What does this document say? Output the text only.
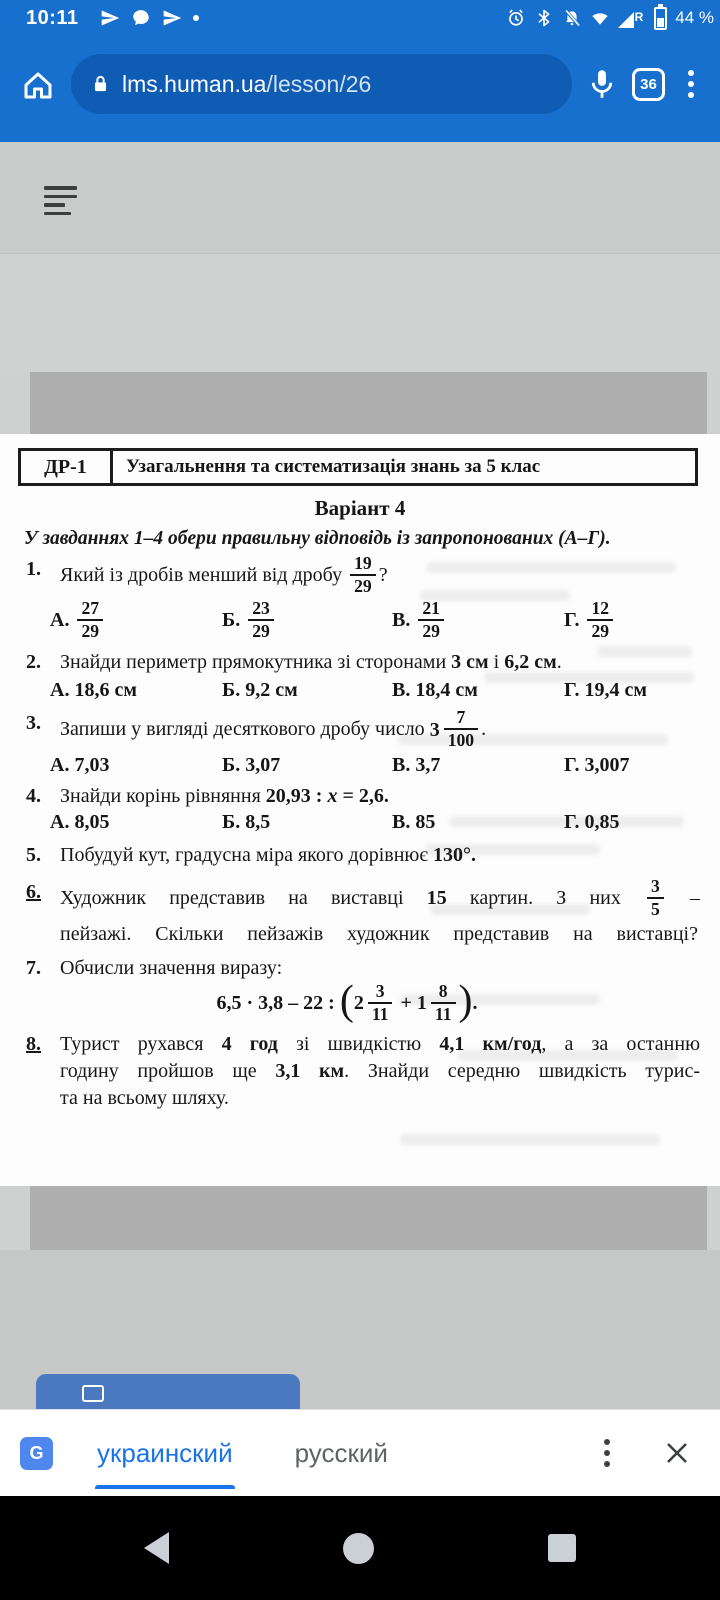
10:11	R 44 %
lms.human.ua /lesson/26	36
ДР-1	Узагальнення та систематизація знань за 5 клас
Варіант 4
У завданнях 1–4 обери правильну відповідь із запропонованих (А–Г).
1. Який із дробів менший від дробу $\frac{19}{29}$ ?
А. $\frac{27}{29}$	Б. $\frac{23}{29}$	В. $\frac{21}{29}$	Г. $\frac{12}{29}$
2. Знайди периметр прямокутника зі сторонами 3 см і 6,2 см.
А. 18,6 см	Б. 9,2 см	В. 18,4 см	Г. 19,4 см
3. Запиши у вигляді десяткового дробу число $3 \frac{7}{100}$ .
А. 7,03	Б. 3,07	В. 3,7	Г. 3,007
4. Знайди корінь рівняння 20,93 : x = 2,6.
А. 8,05	Б. 8,5	В. 85	Г. 0,85
5. Побудуй кут, градусна міра якого дорівнює 130°.
6. Художник представив на виставці 15 картин. З них $\frac{3}{5}$ –
пейзажі. Скільки пейзажів художник представив на виставці?
7. Обчисли значення виразу:
6,5 · 3,8 – 22 : ($2 \frac{3}{11} + 1 \frac{8}{11}$ ).
8. Турист рухався 4 год зі швидкістю 4,1 км/год, а за останню
годину пройшов ще 3,1 км. Знайди середню швидкість турис-
та на всьому шляху.
G	украинский русский
